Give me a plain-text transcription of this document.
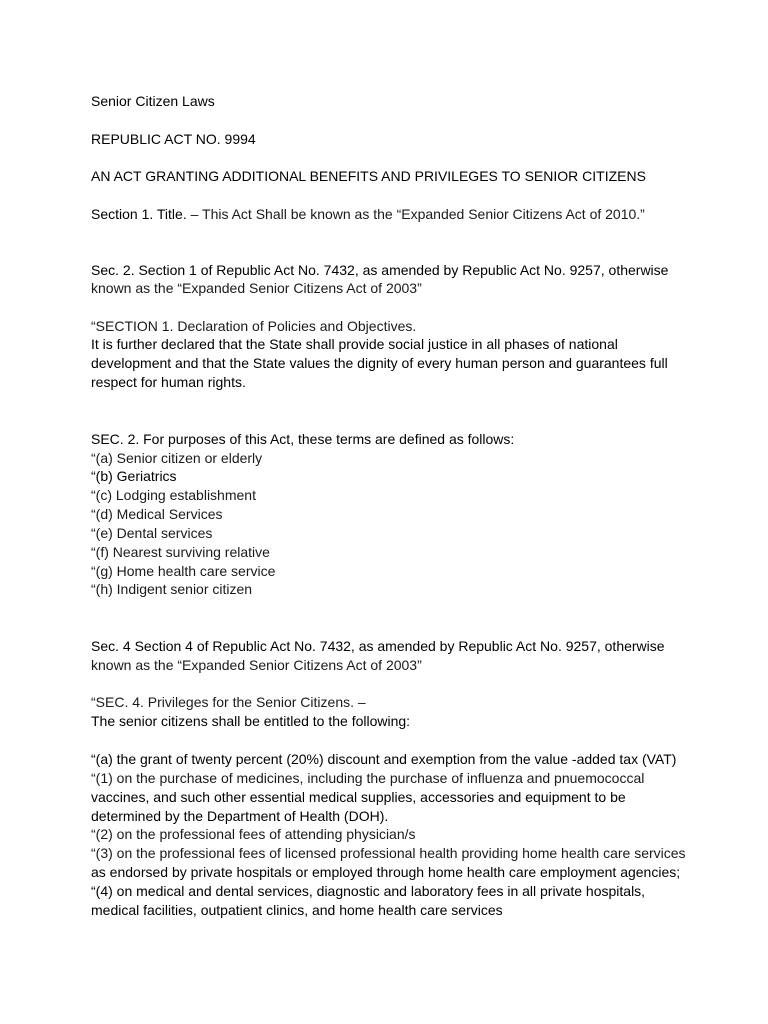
Senior Citizen Laws
REPUBLIC ACT NO. 9994
AN ACT GRANTING ADDITIONAL BENEFITS AND PRIVILEGES TO SENIOR CITIZENS
Section 1. Title. – This Act Shall be known as the “Expanded Senior Citizens Act of 2010.”
Sec. 2. Section 1 of Republic Act No. 7432, as amended by Republic Act No. 9257, otherwise
known as the “Expanded Senior Citizens Act of 2003”
“SECTION 1. Declaration of Policies and Objectives.
It is further declared that the State shall provide social justice in all phases of national
development and that the State values the dignity of every human person and guarantees full
respect for human rights.
SEC. 2. For purposes of this Act, these terms are defined as follows:
“(a) Senior citizen or elderly
“(b) Geriatrics
“(c) Lodging establishment
“(d) Medical Services
“(e) Dental services
“(f) Nearest surviving relative
“(g) Home health care service
“(h) Indigent senior citizen
Sec. 4 Section 4 of Republic Act No. 7432, as amended by Republic Act No. 9257, otherwise
known as the “Expanded Senior Citizens Act of 2003”
“SEC. 4. Privileges for the Senior Citizens. –
The senior citizens shall be entitled to the following:
“(a) the grant of twenty percent (20%) discount and exemption from the value -added tax (VAT)
“(1) on the purchase of medicines, including the purchase of influenza and pnuemococcal
vaccines, and such other essential medical supplies, accessories and equipment to be
determined by the Department of Health (DOH).
“(2) on the professional fees of attending physician/s
“(3) on the professional fees of licensed professional health providing home health care services
as endorsed by private hospitals or employed through home health care employment agencies;
“(4) on medical and dental services, diagnostic and laboratory fees in all private hospitals,
medical facilities, outpatient clinics, and home health care services
